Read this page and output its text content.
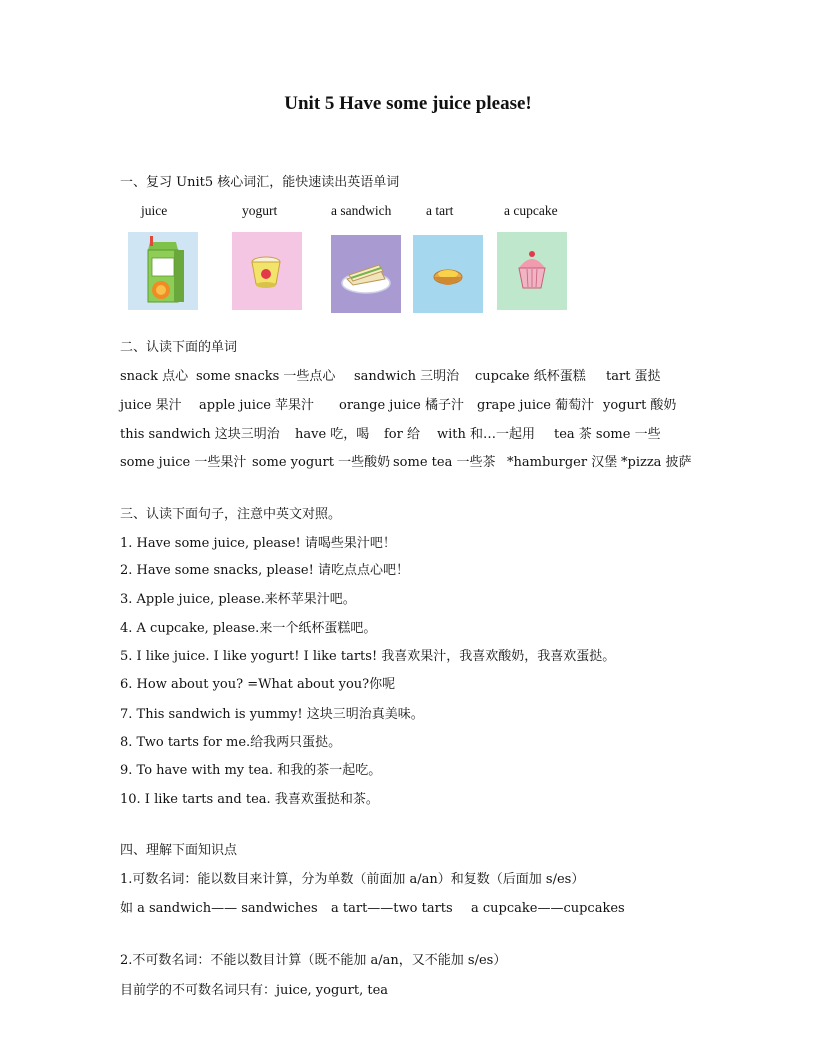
Unit 5 Have some juice please!
一、复习 Unit5 核心词汇，能快速读出英语单词
juice	yogurt	a sandwich	a tart	a cupcake
二、认读下面的单词
snack 点心 some snacks 一些点心 sandwich 三明治 cupcake 纸杯蛋糕 tart 蛋挞
juice 果汁 apple juice 苹果汁 orange juice 橘子汁 grape juice 葡萄汁 yogurt 酸奶
this sandwich 这块三明治 have 吃，喝 for 给 with 和…一起用 tea 茶 some 一些
some juice 一些果汁 some yogurt 一些酸奶 some tea 一些茶 *hamburger 汉堡 *pizza 披萨
三、认读下面句子，注意中英文对照。
1. Have some juice, please! 请喝些果汁吧！
2. Have some snacks, please! 请吃点点心吧！
3. Apple juice, please.来杯苹果汁吧。
4. A cupcake, please.来一个纸杯蛋糕吧。
5. I like juice. I like yogurt! I like tarts! 我喜欢果汁，我喜欢酸奶，我喜欢蛋挞。
6. How about you? =What about you?你呢
7. This sandwich is yummy! 这块三明治真美味。
8. Two tarts for me.给我两只蛋挞。
9. To have with my tea. 和我的茶一起吃。
10. I like tarts and tea. 我喜欢蛋挞和茶。
四、理解下面知识点
1.可数名词：能以数目来计算，分为单数（前面加 a/an）和复数（后面加 s/es）
如 a sandwich—— sandwiches a tart——two tarts a cupcake——cupcakes
2.不可数名词：不能以数目计算（既不能加 a/an，又不能加 s/es）
目前学的不可数名词只有：juice, yogurt, tea
